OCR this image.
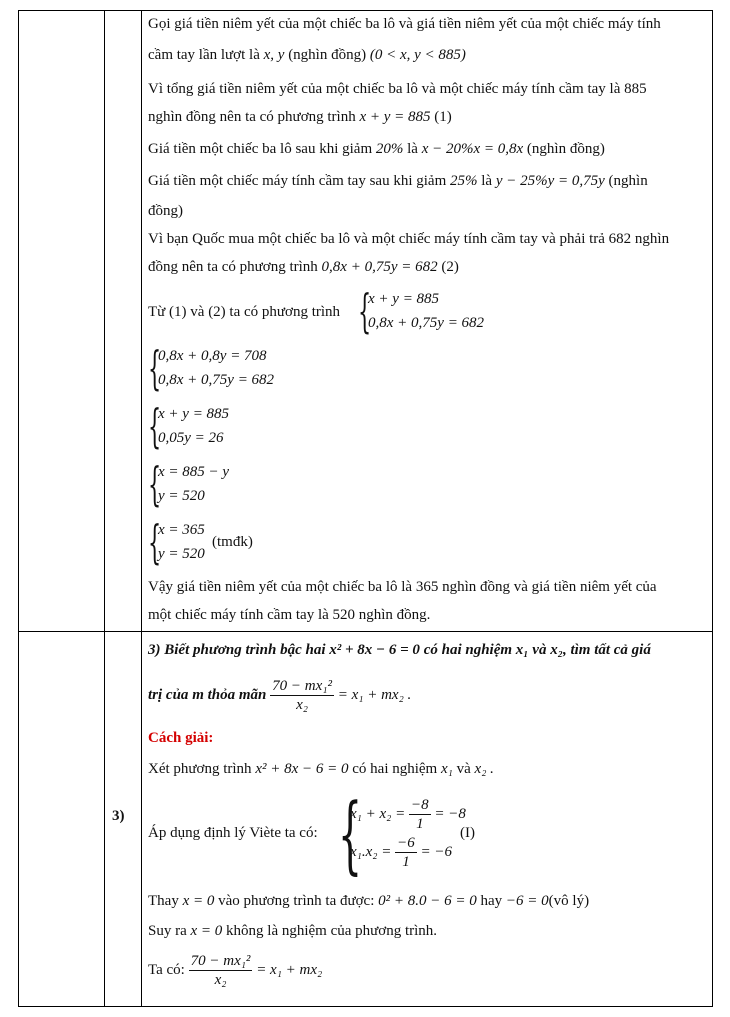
Gọi giá tiền niêm yết của một chiếc ba lô và giá tiền niêm yết của một chiếc máy tính
cầm tay lần lượt là x, y (nghìn đồng) (0 < x, y < 885)
Vì tổng giá tiền niêm yết của một chiếc ba lô và một chiếc máy tính cầm tay là 885
nghìn đồng nên ta có phương trình x + y = 885 (1)
Giá tiền một chiếc ba lô sau khi giảm 20% là x − 20%x = 0,8x (nghìn đồng)
Giá tiền một chiếc máy tính cầm tay sau khi giảm 25% là y − 25%y = 0,75y (nghìn
đồng)
Vì bạn Quốc mua một chiếc ba lô và một chiếc máy tính cầm tay và phải trả 682 nghìn
đồng nên ta có phương trình 0,8x + 0,75y = 682 (2)
Từ (1) và (2) ta có phương trình {
x + y = 885
0,8x + 0,75y = 682
{
0,8x + 0,8y = 708
0,8x + 0,75y = 682
{
x + y = 885
0,05y = 26
{
x = 885 − y
y = 520
{
x = 365
y = 520
(tmđk)
Vậy giá tiền niêm yết của một chiếc ba lô là 365 nghìn đồng và giá tiền niêm yết của
một chiếc máy tính cầm tay là 520 nghìn đồng.
3)
3) Biết phương trình bậc hai x² + 8x − 6 = 0 có hai nghiệm x₁ và x₂, tìm tất cả giá
trị của m thỏa mãn $\frac{\text{70 − mx₁²}}{\text{x₂}} = x_1 + mx_2$ .
Cách giải:
Xét phương trình x² + 8x − 6 = 0 có hai nghiệm x₁ và x₂ .
Áp dụng định lý Viète ta có: {
$x_1 + x_2 = \frac{-8}{1} = -8$
$x_1.x_2 = \frac{-6}{1} = -6$
(I)
Thay x = 0 vào phương trình ta được: 0² + 8.0 − 6 = 0 hay −6 = 0(vô lý)
Suy ra x = 0 không là nghiệm của phương trình.
Ta có: $\frac{\text{70 − mx₁²}}{\text{x₂}} = x_1 + mx_2$
